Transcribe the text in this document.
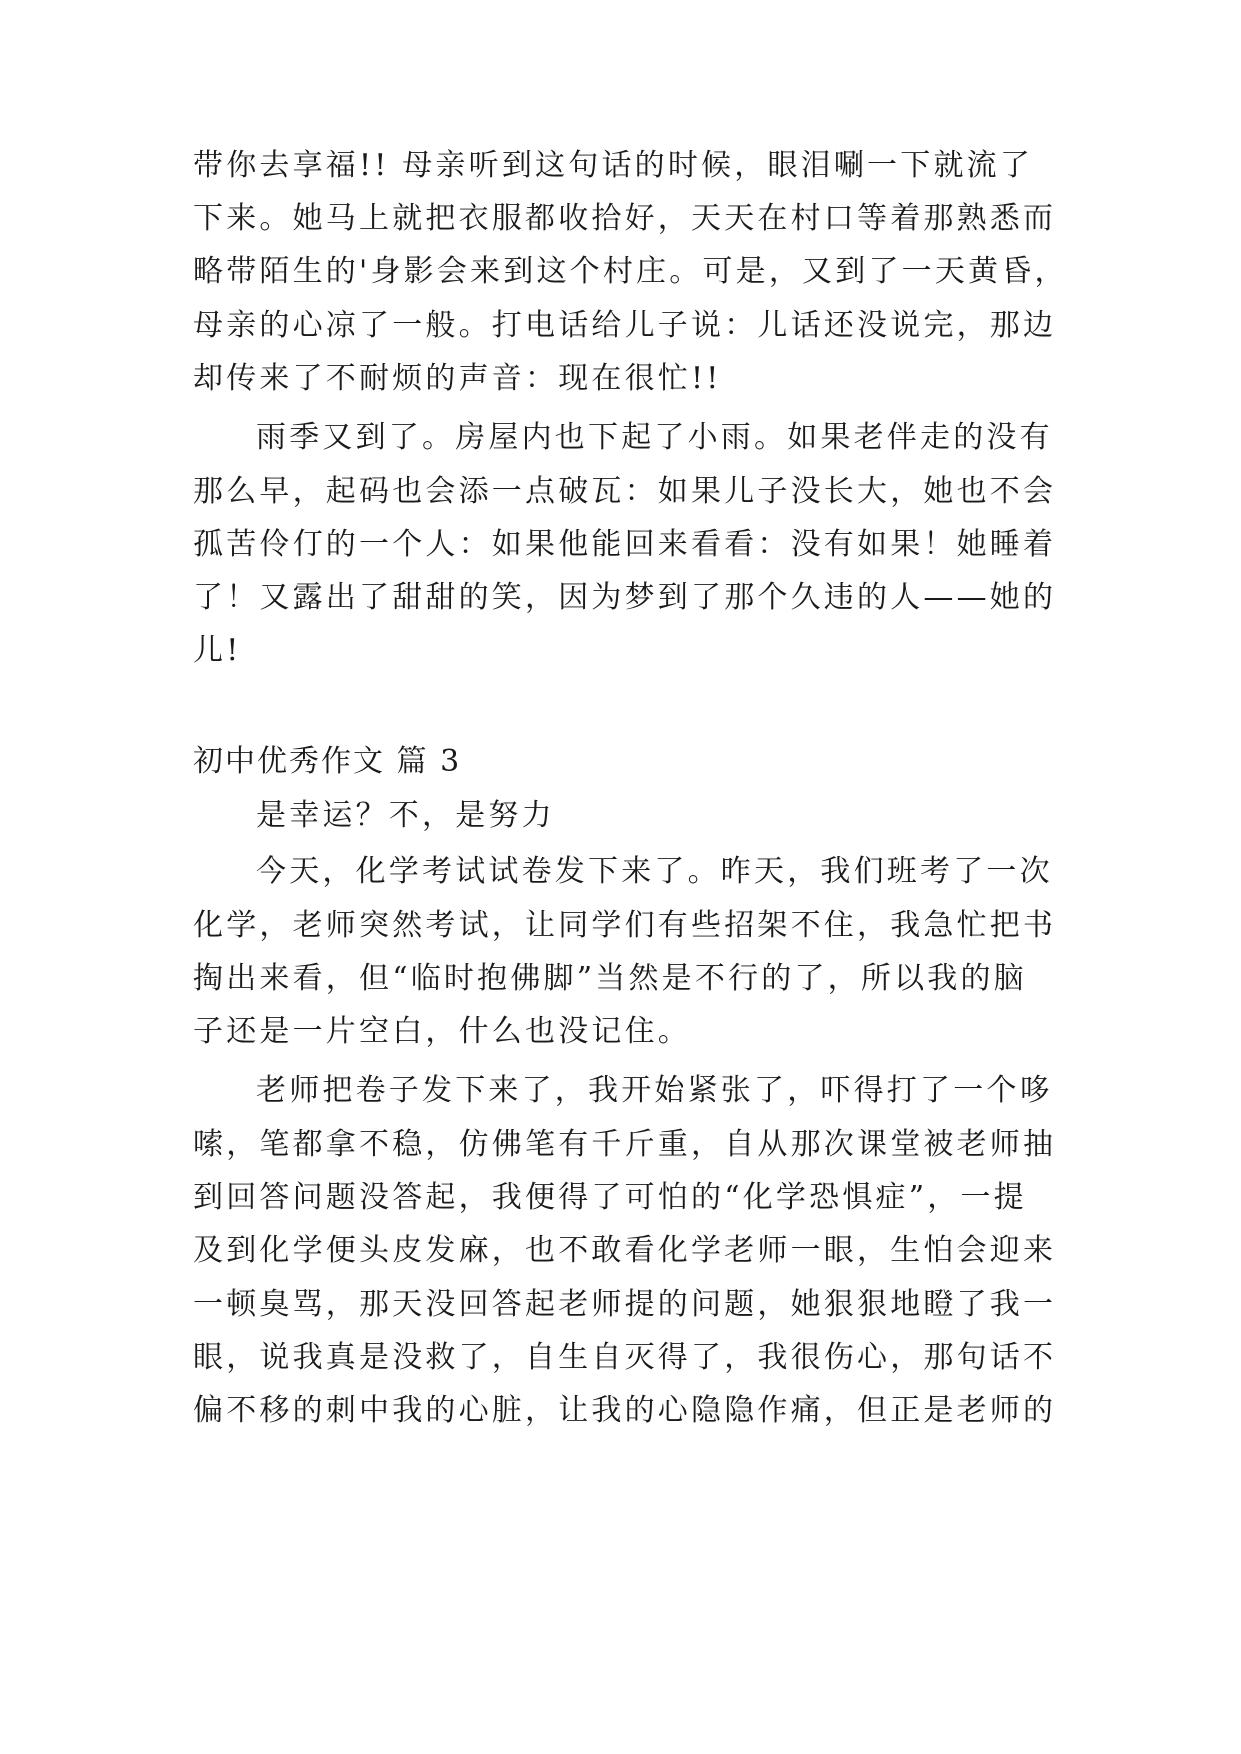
带你去享福!! 母亲听到这句话的时候，眼泪唰一下就流了
下来。她马上就把衣服都收拾好，天天在村口等着那熟悉而
略带陌生的'身影会来到这个村庄。可是，又到了一天黄昏，
母亲的心凉了一般。打电话给儿子说：儿话还没说完，那边
却传来了不耐烦的声音：现在很忙!!
雨季又到了。房屋内也下起了小雨。如果老伴走的没有
那么早，起码也会添一点破瓦：如果儿子没长大，她也不会
孤苦伶仃的一个人：如果他能回来看看：没有如果！她睡着
了！又露出了甜甜的笑，因为梦到了那个久违的人——她的
儿!
初中优秀作文 篇 3
是幸运？不，是努力
今天，化学考试试卷发下来了。昨天，我们班考了一次
化学，老师突然考试，让同学们有些招架不住，我急忙把书
掏出来看，但“临时抱佛脚”当然是不行的了，所以我的脑
子还是一片空白，什么也没记住。
老师把卷子发下来了，我开始紧张了，吓得打了一个哆
嗦，笔都拿不稳，仿佛笔有千斤重，自从那次课堂被老师抽
到回答问题没答起，我便得了可怕的“化学恐惧症”，一提
及到化学便头皮发麻，也不敢看化学老师一眼，生怕会迎来
一顿臭骂，那天没回答起老师提的问题，她狠狠地瞪了我一
眼，说我真是没救了，自生自灭得了，我很伤心，那句话不
偏不移的刺中我的心脏，让我的心隐隐作痛，但正是老师的
